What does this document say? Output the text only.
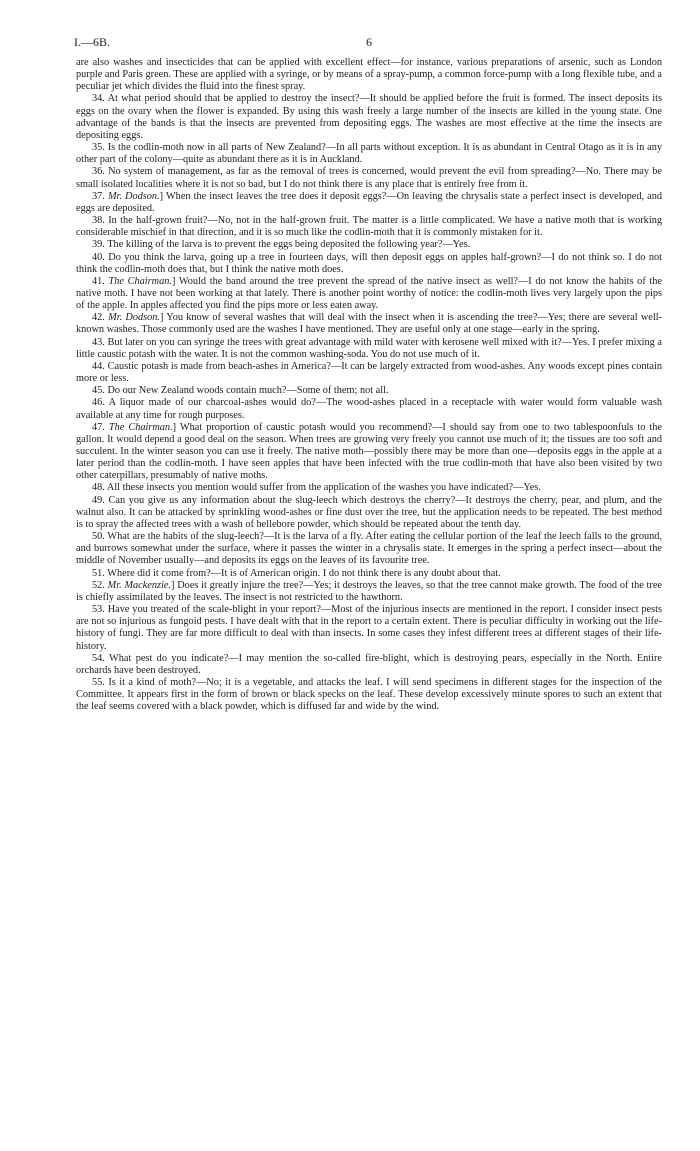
I.—6B.	6

are also washes and insecticides that can be applied with excellent effect—for instance, various preparations of arsenic, such as London purple and Paris green. These are applied with a syringe, or by means of a spray-pump, a common force-pump with a long flexible tube, and a peculiar jet which divides the fluid into the finest spray.

34. At what period should that be applied to destroy the insect?—It should be applied before the fruit is formed. The insect deposits its eggs on the ovary when the flower is expanded. By using this wash freely a large number of the insects are killed in the young state. One advantage of the bands is that the insects are prevented from depositing eggs. The washes are most effective at the time the insects are depositing eggs.

35. Is the codlin-moth now in all parts of New Zealand?—In all parts without exception. It is as abundant in Central Otago as it is in any other part of the colony—quite as abundant there as it is in Auckland.

36. No system of management, as far as the removal of trees is concerned, would prevent the evil from spreading?—No. There may be small isolated localities where it is not so bad, but I do not think there is any place that is entirely free from it.

37. Mr. Dodson.] When the insect leaves the tree does it deposit eggs?—On leaving the chrysalis state a perfect insect is developed, and eggs are deposited.

38. In the half-grown fruit?—No, not in the half-grown fruit. The matter is a little complicated. We have a native moth that is working considerable mischief in that direction, and it is so much like the codlin-moth that it is commonly mistaken for it.

39. The killing of the larva is to prevent the eggs being deposited the following year?—Yes.

40. Do you think the larva, going up a tree in fourteen days, will then deposit eggs on apples half-grown?—I do not think so. I do not think the codlin-moth does that, but I think the native moth does.

41. The Chairman.] Would the band around the tree prevent the spread of the native insect as well?—I do not know the habits of the native moth. I have not been working at that lately. There is another point worthy of notice: the codlin-moth lives very largely upon the pips of the apple. In apples affected you find the pips more or less eaten away.

42. Mr. Dodson.] You know of several washes that will deal with the insect when it is ascending the tree?—Yes; there are several well-known washes. Those commonly used are the washes I have mentioned. They are useful only at one stage—early in the spring.

43. But later on you can syringe the trees with great advantage with mild water with kerosene well mixed with it?—Yes. I prefer mixing a little caustic potash with the water. It is not the common washing-soda. You do not use much of it.

44. Caustic potash is made from beach-ashes in America?—It can be largely extracted from wood-ashes. Any woods except pines contain more or less.

45. Do our New Zealand woods contain much?—Some of them; not all.

46. A liquor made of our charcoal-ashes would do?—The wood-ashes placed in a receptacle with water would form valuable wash available at any time for rough purposes.

47. The Chairman.] What proportion of caustic potash would you recommend?—I should say from one to two tablespoonfuls to the gallon. It would depend a good deal on the season. When trees are growing very freely you cannot use much of it; the tissues are too soft and succulent. In the winter season you can use it freely. The native moth—possibly there may be more than one—deposits eggs in the apple at a later period than the codlin-moth. I have seen apples that have been infected with the true codlin-moth that have also been visited by two other caterpillars, presumably of native moths.

48. All these insects you mention would suffer from the application of the washes you have indicated?—Yes.

49. Can you give us any information about the slug-leech which destroys the cherry?—It destroys the cherry, pear, and plum, and the walnut also. It can be attacked by sprinkling wood-ashes or fine dust over the tree, but the application needs to be repeated. The best method is to spray the affected trees with a wash of hellebore powder, which should be repeated about the tenth day.

50. What are the habits of the slug-leech?—It is the larva of a fly. After eating the cellular portion of the leaf the leech falls to the ground, and burrows somewhat under the surface, where it passes the winter in a chrysalis state. It emerges in the spring a perfect insect—about the middle of November usually—and deposits its eggs on the leaves of its favourite tree.

51. Where did it come from?—It is of American origin. I do not think there is any doubt about that.

52. Mr. Mackenzie.] Does it greatly injure the tree?—Yes; it destroys the leaves, so that the tree cannot make growth. The food of the tree is chiefly assimilated by the leaves. The insect is not restricted to the hawthorn.

53. Have you treated of the scale-blight in your report?—Most of the injurious insects are mentioned in the report. I consider insect pests are not so injurious as fungoid pests. I have dealt with that in the report to a certain extent. There is peculiar difficulty in working out the life-history of fungi. They are far more difficult to deal with than insects. In some cases they infest different trees at different stages of their life-history.

54. What pest do you indicate?—I may mention the so-called fire-blight, which is destroying pears, especially in the North. Entire orchards have been destroyed.

55. Is it a kind of moth?—No; it is a vegetable, and attacks the leaf. I will send specimens in different stages for the inspection of the Committee. It appears first in the form of brown or black specks on the leaf. These develop excessively minute spores to such an extent that the leaf seems covered with a black powder, which is diffused far and wide by the wind.
